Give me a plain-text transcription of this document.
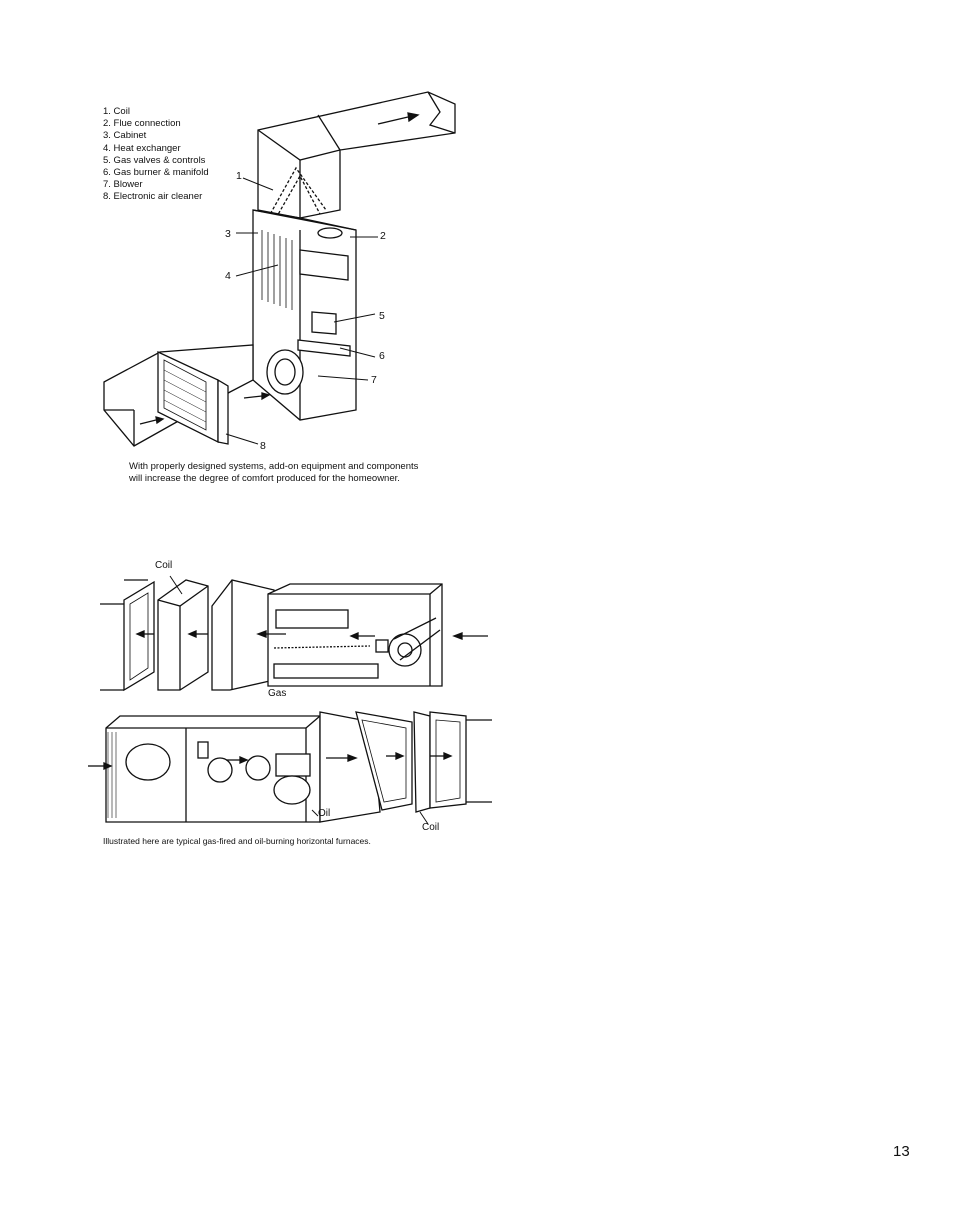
1. Coil
2. Flue connection
3. Cabinet
4. Heat exchanger
5. Gas valves & controls
6. Gas burner & manifold
7. Blower
8. Electronic air cleaner
1
2
3
4
5
6
7
8
With properly designed systems, add-on equipment and components will increase the degree of comfort produced for the homeowner.
Coil
Gas
Oil
Coil
Illustrated here are typical gas-fired and oil-burning horizontal furnaces.
13
